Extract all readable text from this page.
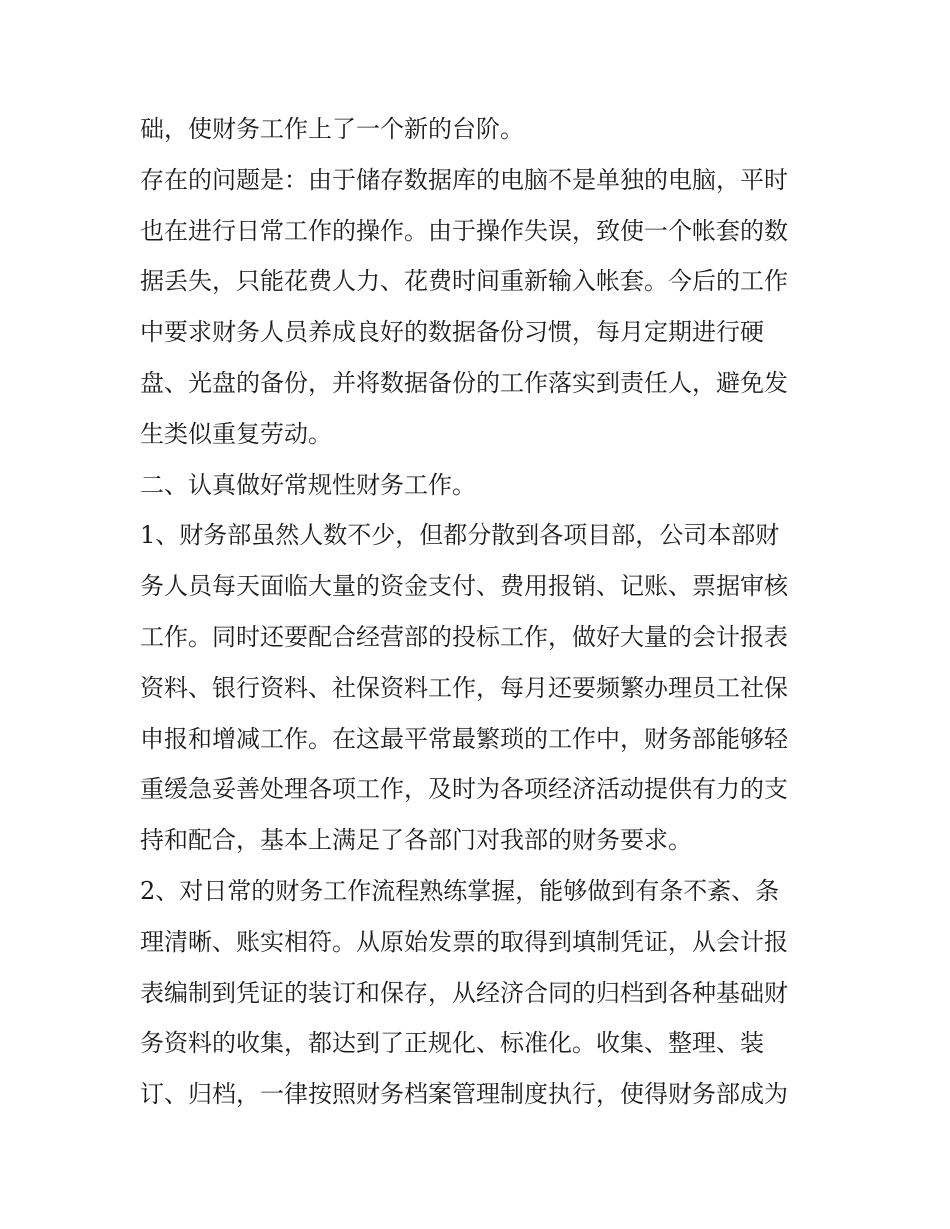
础，使财务工作上了一个新的台阶。
存在的问题是：由于储存数据库的电脑不是单独的电脑，平时
也在进行日常工作的操作。由于操作失误，致使一个帐套的数
据丢失，只能花费人力、花费时间重新输入帐套。今后的工作
中要求财务人员养成良好的数据备份习惯，每月定期进行硬
盘、光盘的备份，并将数据备份的工作落实到责任人，避免发
生类似重复劳动。
二、认真做好常规性财务工作。
1、财务部虽然人数不少，但都分散到各项目部，公司本部财
务人员每天面临大量的资金支付、费用报销、记账、票据审核
工作。同时还要配合经营部的投标工作，做好大量的会计报表
资料、银行资料、社保资料工作，每月还要频繁办理员工社保
申报和增减工作。在这最平常最繁琐的工作中，财务部能够轻
重缓急妥善处理各项工作，及时为各项经济活动提供有力的支
持和配合，基本上满足了各部门对我部的财务要求。
2、对日常的财务工作流程熟练掌握，能够做到有条不紊、条
理清晰、账实相符。从原始发票的取得到填制凭证，从会计报
表编制到凭证的装订和保存，从经济合同的归档到各种基础财
务资料的收集，都达到了正规化、标准化。收集、整理、装
订、归档，一律按照财务档案管理制度执行，使得财务部成为
